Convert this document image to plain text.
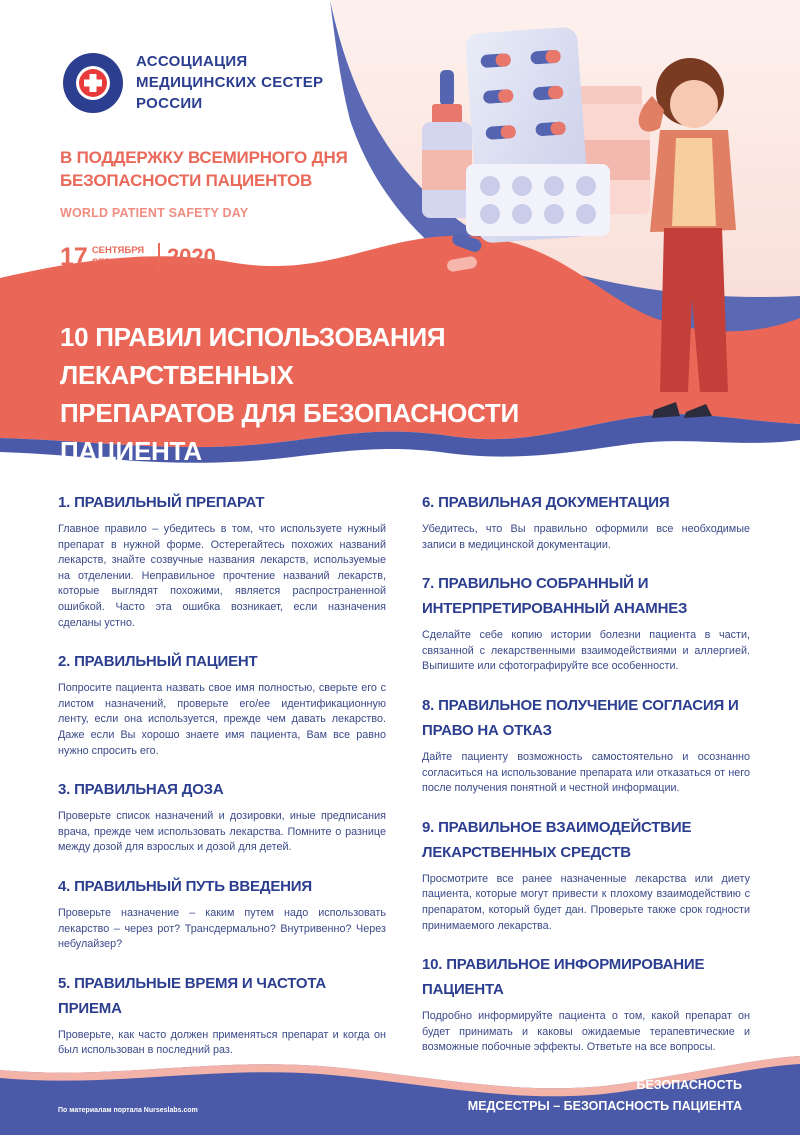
АССОЦИАЦИЯ
МЕДИЦИНСКИХ СЕСТЕР
РОССИИ
В ПОДДЕРЖКУ ВСЕМИРНОГО ДНЯ
БЕЗОПАСНОСТИ ПАЦИЕНТОВ
WORLD PATIENT SAFETY DAY
17 СЕНТЯБРЯ
SEPTEMBER 2020
10 ПРАВИЛ ИСПОЛЬЗОВАНИЯ ЛЕКАРСТВЕННЫХ
ПРЕПАРАТОВ ДЛЯ БЕЗОПАСНОСТИ ПАЦИЕНТА
1. ПРАВИЛЬНЫЙ ПРЕПАРАТ

Главное правило – убедитесь в том, что используете нужный препарат в нужной форме. Остерегайтесь похожих названий лекарств, знайте созвучные названия лекарств, используемые на отделении. Неправильное прочтение названий лекарств, которые выглядят похожими, является распространенной ошибкой. Часто эта ошибка возникает, если назначения сделаны устно.

2. ПРАВИЛЬНЫЙ ПАЦИЕНТ

Попросите пациента назвать свое имя полностью, сверьте его с листом назначений, проверьте его/ее идентификационную ленту, если она используется, прежде чем давать лекарство. Даже если Вы хорошо знаете имя пациента, Вам все равно нужно спросить его.

3. ПРАВИЛЬНАЯ ДОЗА

Проверьте список назначений и дозировки, иные предписания врача, прежде чем использовать лекарства. Помните о разнице между дозой для взрослых и дозой для детей.

4. ПРАВИЛЬНЫЙ ПУТЬ ВВЕДЕНИЯ

Проверьте назначение – каким путем надо использовать лекарство – через рот? Трансдермально? Внутривенно? Через небулайзер?

5. ПРАВИЛЬНЫЕ ВРЕМЯ И ЧАСТОТА ПРИЕМА

Проверьте, как часто должен применяться препарат и когда он был использован в последний раз.

6. ПРАВИЛЬНАЯ ДОКУМЕНТАЦИЯ

Убедитесь, что Вы правильно оформили все необходимые записи в медицинской документации.

7. ПРАВИЛЬНО СОБРАННЫЙ И ИНТЕРПРЕТИРОВАННЫЙ АНАМНЕЗ

Сделайте себе копию истории болезни пациента в части, связанной с лекарственными взаимодействиями и аллергией. Выпишите или сфотографируйте все особенности.

8. ПРАВИЛЬНОЕ ПОЛУЧЕНИЕ СОГЛАСИЯ И ПРАВО НА ОТКАЗ

Дайте пациенту возможность самостоятельно и осознанно согласиться на использование препарата или отказаться от него после получения понятной и честной информации.

9. ПРАВИЛЬНОЕ ВЗАИМОДЕЙСТВИЕ ЛЕКАРСТВЕННЫХ СРЕДСТВ

Просмотрите все ранее назначенные лекарства или диету пациента, которые могут привести к плохому взаимодействию с препаратом, который будет дан. Проверьте также срок годности принимаемого лекарства.

10. ПРАВИЛЬНОЕ ИНФОРМИРОВАНИЕ ПАЦИЕНТА

Подробно информируйте пациента о том, какой препарат он будет принимать и каковы ожидаемые терапевтические и возможные побочные эффекты. Ответьте на все вопросы.

По материалам портала Nurseslabs.com
БЕЗОПАСНОСТЬ
МЕДСЕСТРЫ – БЕЗОПАСНОСТЬ ПАЦИЕНТА
